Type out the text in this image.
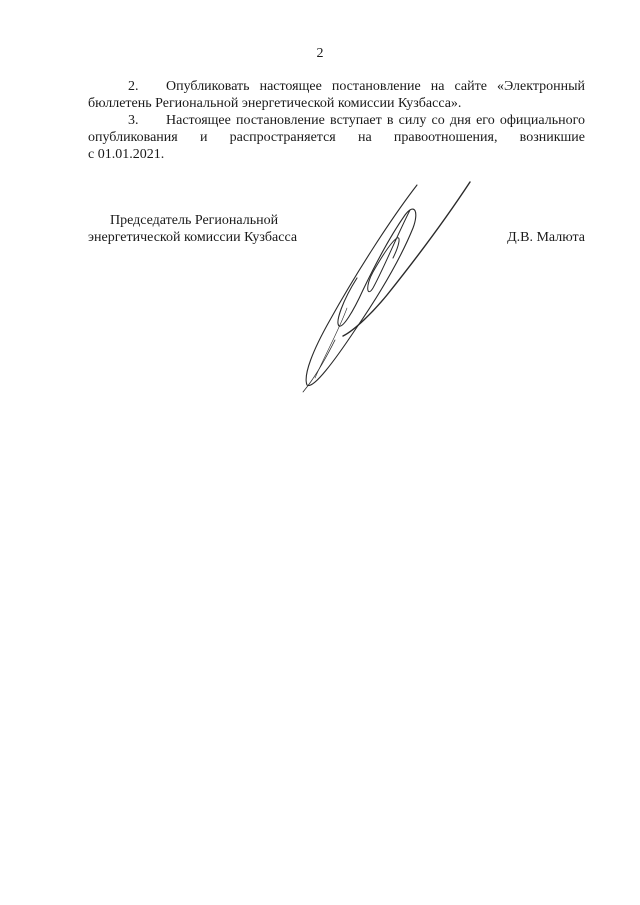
2

2. Опубликовать настоящее постановление на сайте «Электронный
бюллетень Региональной энергетической комиссии Кузбасса».

3. Настоящее постановление вступает в силу со дня его официального
опубликования и распространяется на правоотношения, возникшие
с 01.01.2021.

Председатель Региональной
энергетической комиссии Кузбасса	Д.В. Малюта
